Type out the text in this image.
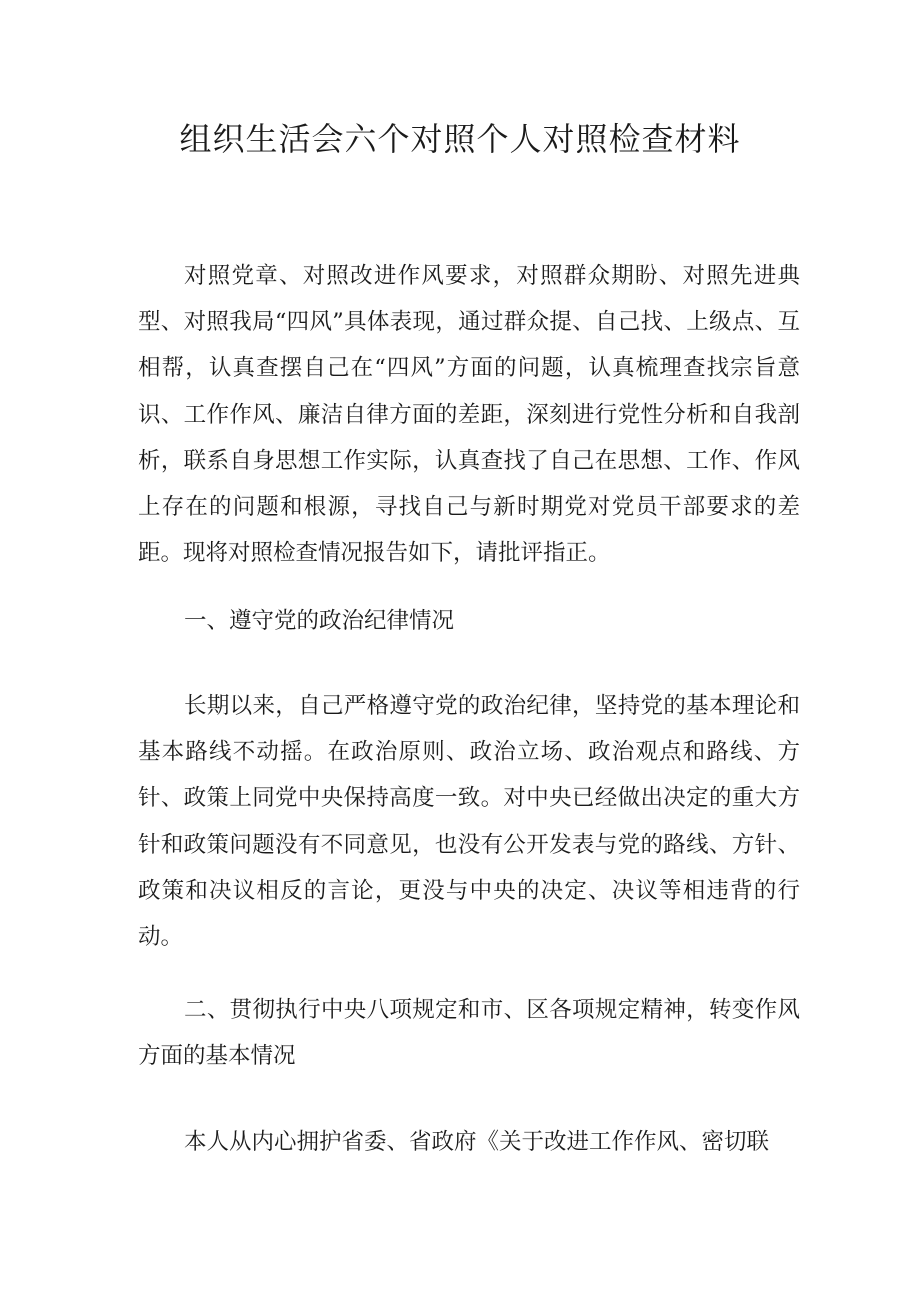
组织生活会六个对照个人对照检查材料

对照党章、对照改进作风要求，对照群众期盼、对照先进典型、对照我局“四风”具体表现，通过群众提、自己找、上级点、互相帮，认真查摆自己在“四风”方面的问题，认真梳理查找宗旨意识、工作作风、廉洁自律方面的差距，深刻进行党性分析和自我剖析，联系自身思想工作实际，认真查找了自己在思想、工作、作风上存在的问题和根源，寻找自己与新时期党对党员干部要求的差距。现将对照检查情况报告如下，请批评指正。

一、遵守党的政治纪律情况

长期以来，自己严格遵守党的政治纪律，坚持党的基本理论和基本路线不动摇。在政治原则、政治立场、政治观点和路线、方针、政策上同党中央保持高度一致。对中央已经做出决定的重大方针和政策问题没有不同意见，也没有公开发表与党的路线、方针、政策和决议相反的言论，更没与中央的决定、决议等相违背的行动。

二、贯彻执行中央八项规定和市、区各项规定精神，转变作风方面的基本情况

本人从内心拥护省委、省政府《关于改进工作作风、密切联
